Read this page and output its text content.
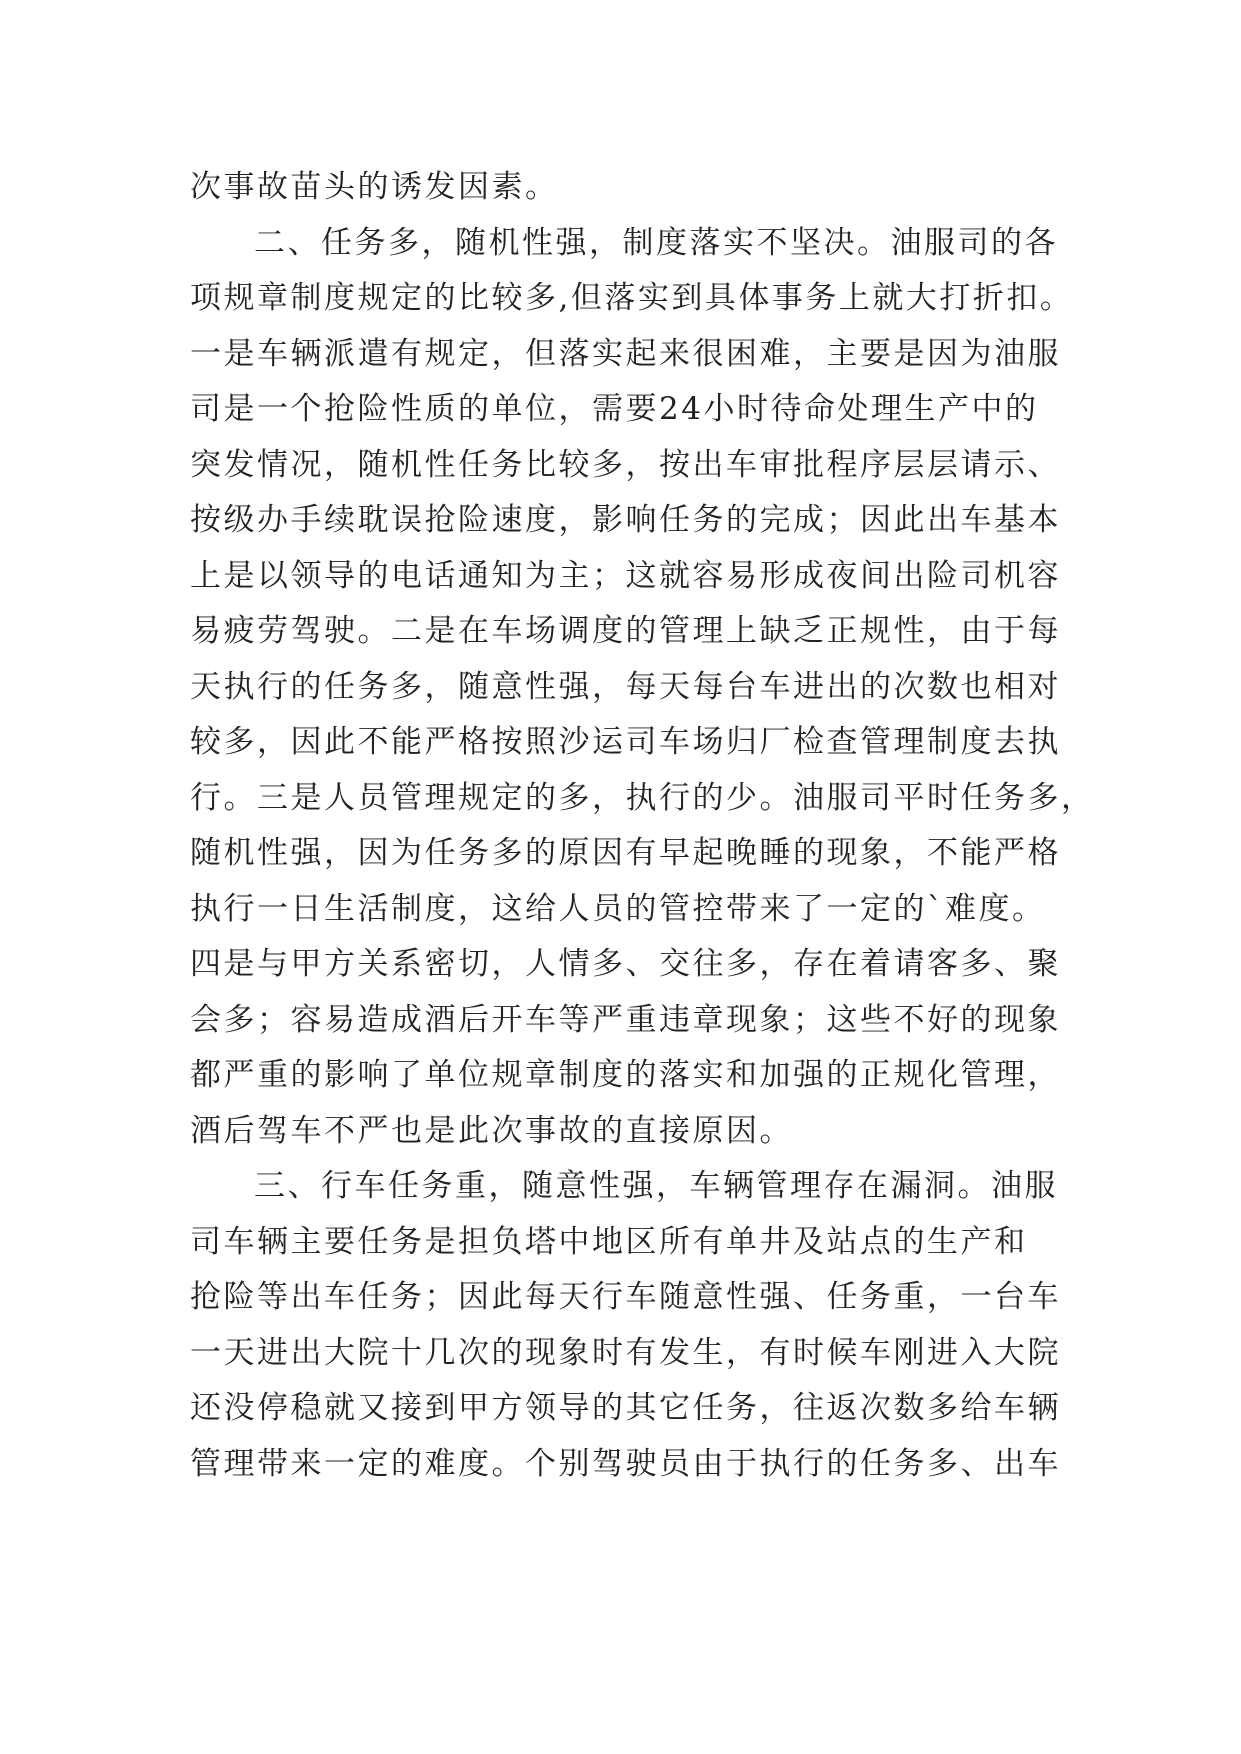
次事故苗头的诱发因素。
二、任务多，随机性强，制度落实不坚决。油服司的各
项规章制度规定的比较多,但落实到具体事务上就大打折扣。
一是车辆派遣有规定，但落实起来很困难，主要是因为油服
司是一个抢险性质的单位，需要24小时待命处理生产中的
突发情况，随机性任务比较多，按出车审批程序层层请示、
按级办手续耽误抢险速度，影响任务的完成；因此出车基本
上是以领导的电话通知为主；这就容易形成夜间出险司机容
易疲劳驾驶。二是在车场调度的管理上缺乏正规性，由于每
天执行的任务多，随意性强，每天每台车进出的次数也相对
较多，因此不能严格按照沙运司车场归厂检查管理制度去执
行。三是人员管理规定的多，执行的少。油服司平时任务多，
随机性强，因为任务多的原因有早起晚睡的现象，不能严格
执行一日生活制度，这给人员的管控带来了一定的`难度。
四是与甲方关系密切，人情多、交往多，存在着请客多、聚
会多；容易造成酒后开车等严重违章现象；这些不好的现象
都严重的影响了单位规章制度的落实和加强的正规化管理，
酒后驾车不严也是此次事故的直接原因。
三、行车任务重，随意性强，车辆管理存在漏洞。油服
司车辆主要任务是担负塔中地区所有单井及站点的生产和
抢险等出车任务；因此每天行车随意性强、任务重，一台车
一天进出大院十几次的现象时有发生，有时候车刚进入大院
还没停稳就又接到甲方领导的其它任务，往返次数多给车辆
管理带来一定的难度。个别驾驶员由于执行的任务多、出车
